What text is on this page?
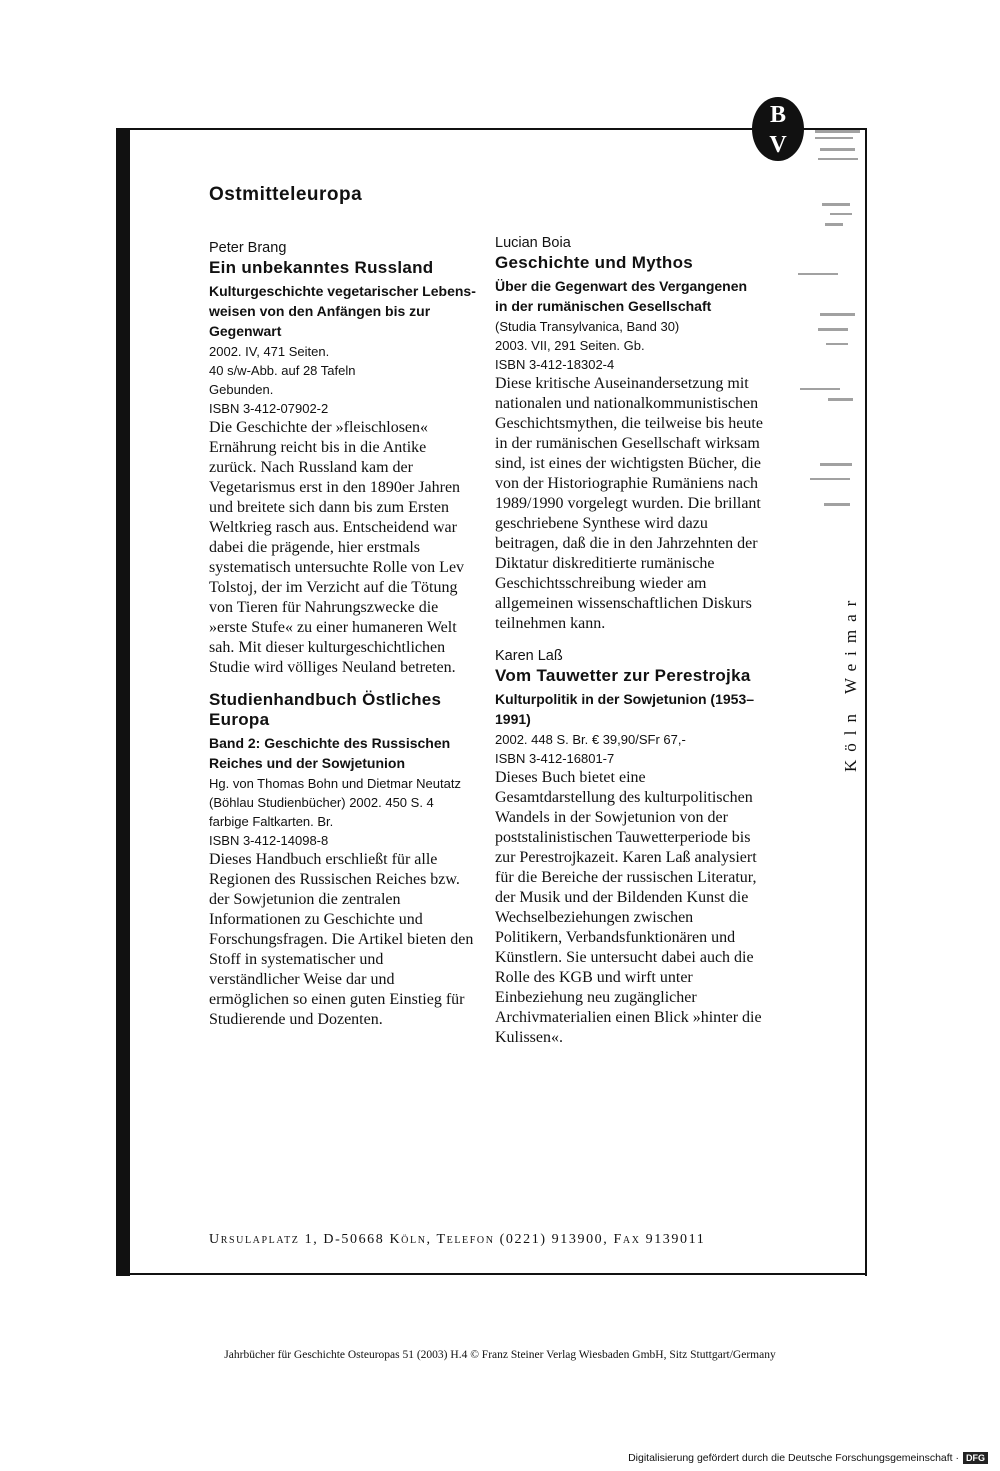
B
V
Köln Weimar
Ostmitteleuropa

Peter Brang

Ein unbekanntes Russland

Kulturgeschichte vegetarischer Lebens-weisen von den Anfängen bis zur Gegenwart

2002. IV, 471 Seiten.

40 s/w-Abb. auf 28 Tafeln

Gebunden.

ISBN 3-412-07902-2

Die Geschichte der »fleischlosen« Ernährung reicht bis in die Antike zurück. Nach Russland kam der Vegetarismus erst in den 1890er Jahren und breitete sich dann bis zum Ersten Weltkrieg rasch aus. Entscheidend war dabei die prägende, hier erstmals systematisch untersuchte Rolle von Lev Tolstoj, der im Verzicht auf die Tötung von Tieren für Nahrungszwecke die »erste Stufe« zu einer humaneren Welt sah. Mit dieser kulturgeschichtlichen Studie wird völliges Neuland betreten.

Studienhandbuch Östliches Europa

Band 2: Geschichte des Russischen Reiches und der Sowjetunion

Hg. von Thomas Bohn und Dietmar Neutatz (Böhlau Studienbücher) 2002. 450 S. 4 farbige Faltkarten. Br.

ISBN 3-412-14098-8

Dieses Handbuch erschließt für alle Regionen des Russischen Reiches bzw. der Sowjetunion die zentralen Informationen zu Geschichte und Forschungsfragen. Die Artikel bieten den Stoff in systematischer und verständlicher Weise dar und ermöglichen so einen guten Einstieg für Studierende und Dozenten.

Lucian Boia

Geschichte und Mythos

Über die Gegenwart des Vergangenen in der rumänischen Gesellschaft

(Studia Transylvanica, Band 30)

2003. VII, 291 Seiten. Gb.

ISBN 3-412-18302-4

Diese kritische Auseinandersetzung mit nationalen und nationalkommunistischen Geschichtsmythen, die teilweise bis heute in der rumänischen Gesellschaft wirksam sind, ist eines der wichtigsten Bücher, die von der Historiographie Rumäniens nach 1989/1990 vorgelegt wurden. Die brillant geschriebene Synthese wird dazu beitragen, daß die in den Jahrzehnten der Diktatur diskreditierte rumänische Geschichtsschreibung wieder am allgemeinen wissenschaftlichen Diskurs teilnehmen kann.

Karen Laß

Vom Tauwetter zur Perestrojka

Kulturpolitik in der Sowjetunion (1953–1991)

2002. 448 S. Br. € 39,90/SFr 67,-

ISBN 3-412-16801-7

Dieses Buch bietet eine Gesamtdarstellung des kulturpolitischen Wandels in der Sowjetunion von der poststalinistischen Tauwetterperiode bis zur Perestrojkazeit. Karen Laß analysiert für die Bereiche der russischen Literatur, der Musik und der Bildenden Kunst die Wechselbeziehungen zwischen Politikern, Verbandsfunktionären und Künstlern. Sie untersucht dabei auch die Rolle des KGB und wirft unter Einbeziehung neu zugänglicher Archivmaterialien einen Blick »hinter die Kulissen«.

Ursulaplatz 1, D-50668 Köln, Telefon (0221) 913900, Fax 9139011

Jahrbücher für Geschichte Osteuropas 51 (2003) H.4 © Franz Steiner Verlag Wiesbaden GmbH, Sitz Stuttgart/Germany

Digitalisierung gefördert durch die Deutsche Forschungsgemeinschaft · DFG
